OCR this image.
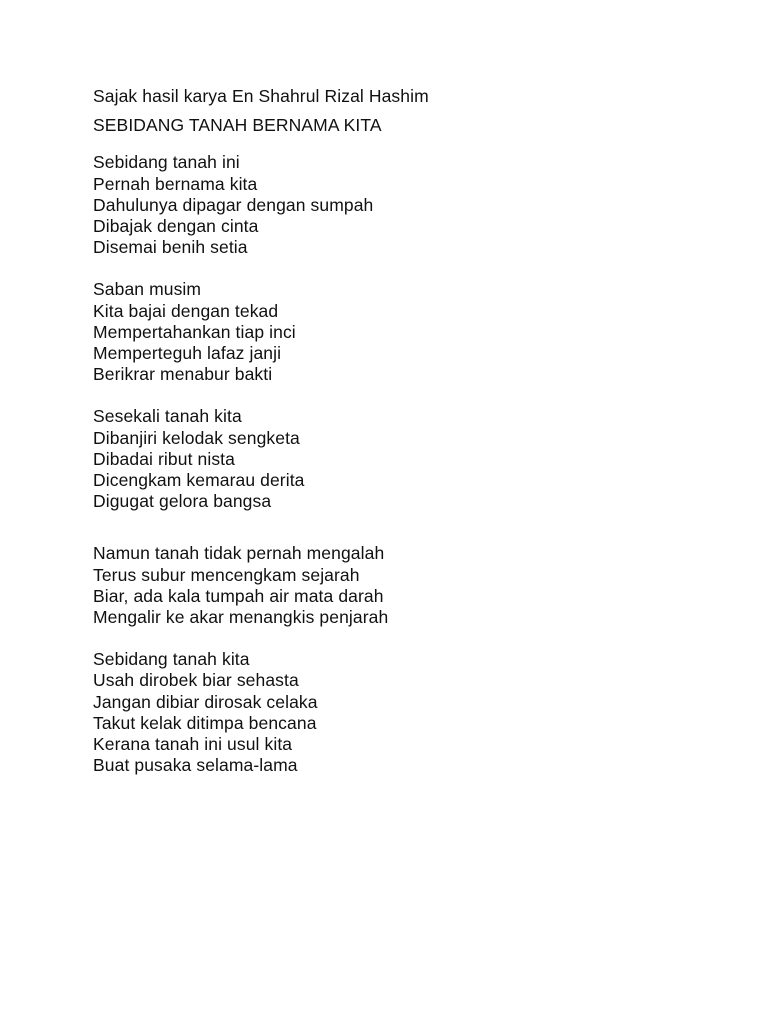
Sajak hasil karya En Shahrul Rizal Hashim
SEBIDANG TANAH BERNAMA KITA
Sebidang tanah ini
Pernah bernama kita
Dahulunya dipagar dengan sumpah
Dibajak dengan cinta
Disemai benih setia
Saban musim
Kita bajai dengan tekad
Mempertahankan tiap inci
Memperteguh lafaz janji
Berikrar menabur bakti
Sesekali tanah kita
Dibanjiri kelodak sengketa
Dibadai ribut nista
Dicengkam kemarau derita
Digugat gelora bangsa
Namun tanah tidak pernah mengalah
Terus subur mencengkam sejarah
Biar, ada kala tumpah air mata darah
Mengalir ke akar menangkis penjarah
Sebidang tanah kita
Usah dirobek biar sehasta
Jangan dibiar dirosak celaka
Takut kelak ditimpa bencana
Kerana tanah ini usul kita
Buat pusaka selama-lama
